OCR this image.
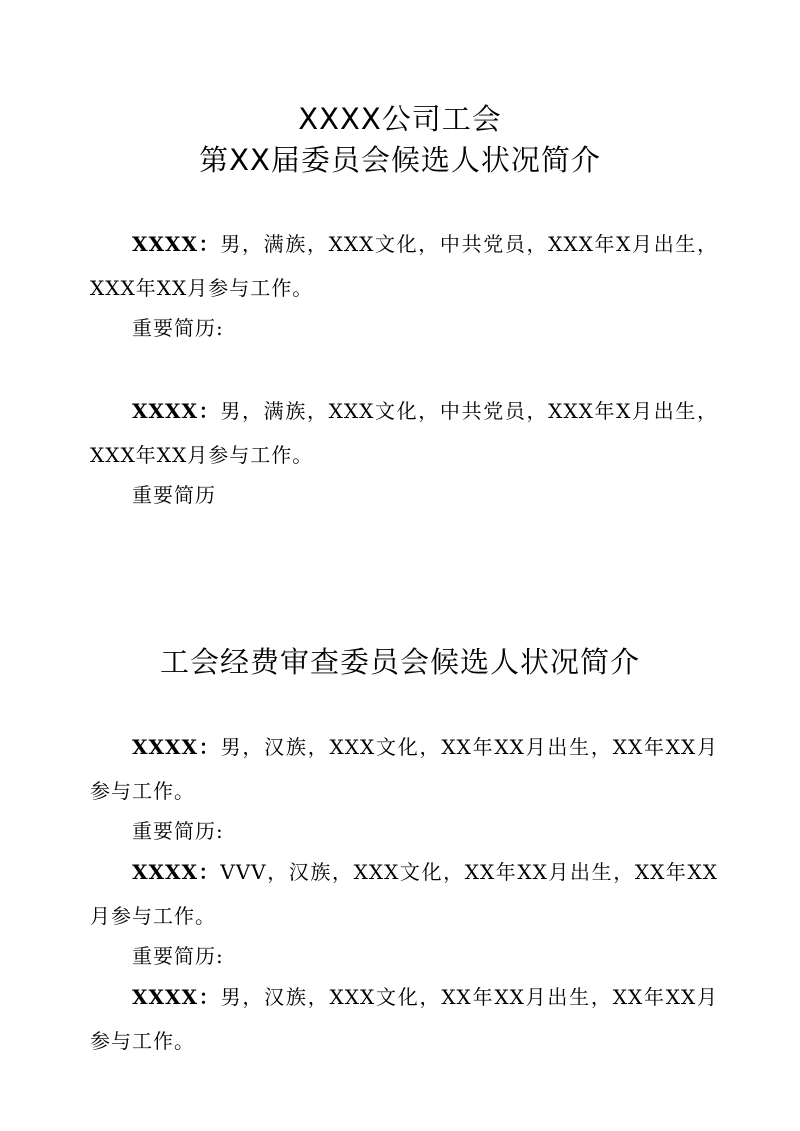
XXXX公司工会
第XX届委员会候选人状况简介
XXXX：男，满族，XXX文化，中共党员，XXX年X月出生，XXX年XX月参与工作。
重要简历:
XXXX：男，满族，XXX文化，中共党员，XXX年X月出生，XXX年XX月参与工作。
重要简历
工会经费审查委员会候选人状况简介
XXXX：男，汉族，XXX文化，XX年XX月出生，XX年XX月参与工作。
重要简历:
XXXX：VVV，汉族，XXX文化，XX年XX月出生，XX年XX月参与工作。
重要简历:
XXXX：男，汉族，XXX文化，XX年XX月出生，XX年XX月参与工作。
